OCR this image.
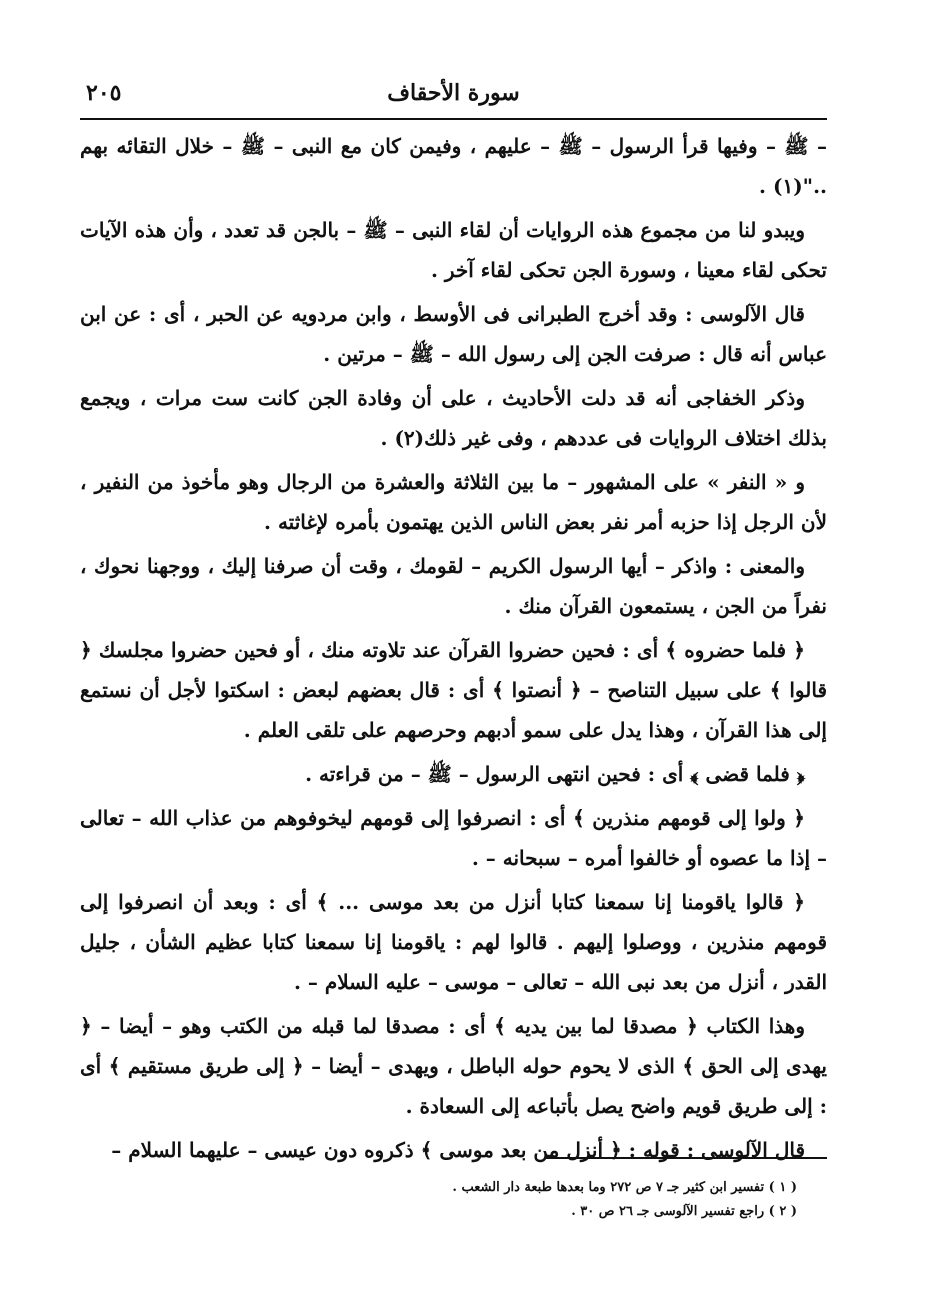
٢٠٥	سورة الأحقاف

– ﷺ – وفيها قرأ الرسول – ﷺ – عليهم ، وفيمن كان مع النبى – ﷺ – خلال التقائه بهم .."(١) .

ويبدو لنا من مجموع هذه الروايات أن لقاء النبى – ﷺ – بالجن قد تعدد ، وأن هذه الآيات تحكى لقاء معينا ، وسورة الجن تحكى لقاء آخر .

قال الآلوسى : وقد أخرج الطبرانى فى الأوسط ، وابن مردويه عن الحبر ، أى : عن ابن عباس أنه قال : صرفت الجن إلى رسول الله – ﷺ – مرتين .

وذكر الخفاجى أنه قد دلت الأحاديث ، على أن وفادة الجن كانت ست مرات ، ويجمع بذلك اختلاف الروايات فى عددهم ، وفى غير ذلك(٢) .

و « النفر » على المشهور – ما بين الثلاثة والعشرة من الرجال وهو مأخوذ من النفير ، لأن الرجل إذا حزبه أمر نفر بعض الناس الذين يهتمون بأمره لإغاثته .

والمعنى : واذكر – أيها الرسول الكريم – لقومك ، وقت أن صرفنا إليك ، ووجهنا نحوك ، نفراً من الجن ، يستمعون القرآن منك .

﴿ فلما حضروه ﴾ أى : فحين حضروا القرآن عند تلاوته منك ، أو فحين حضروا مجلسك ﴿ قالوا ﴾ على سبيل التناصح – ﴿ أنصتوا ﴾ أى : قال بعضهم لبعض : اسكتوا لأجل أن نستمع إلى هذا القرآن ، وهذا يدل على سمو أدبهم وحرصهم على تلقى العلم .

﴿ فلما قضى ﴾ أى : فحين انتهى الرسول – ﷺ – من قراءته .

﴿ ولوا إلى قومهم منذرين ﴾ أى : انصرفوا إلى قومهم ليخوفوهم من عذاب الله – تعالى – إذا ما عصوه أو خالفوا أمره – سبحانه – .

﴿ قالوا ياقومنا إنا سمعنا كتابا أنزل من بعد موسى ... ﴾ أى : وبعد أن انصرفوا إلى قومهم منذرين ، ووصلوا إليهم . قالوا لهم : ياقومنا إنا سمعنا كتابا عظيم الشأن ، جليل القدر ، أنزل من بعد نبى الله – تعالى – موسى – عليه السلام – .

وهذا الكتاب ﴿ مصدقا لما بين يديه ﴾ أى : مصدقا لما قبله من الكتب وهو – أيضا – ﴿ يهدى إلى الحق ﴾ الذى لا يحوم حوله الباطل ، ويهدى – أيضا – ﴿ إلى طريق مستقيم ﴾ أى : إلى طريق قويم واضح يصل بأتباعه إلى السعادة .

قال الآلوسى : قوله : ﴿ أنزل من بعد موسى ﴾ ذكروه دون عيسى – عليهما السلام –

( ١ ) تفسير ابن كثير جـ ٧ ص ٢٧٢ وما بعدها طبعة دار الشعب .

( ٢ ) راجع تفسير الآلوسى جـ ٢٦ ص ٣٠ .
